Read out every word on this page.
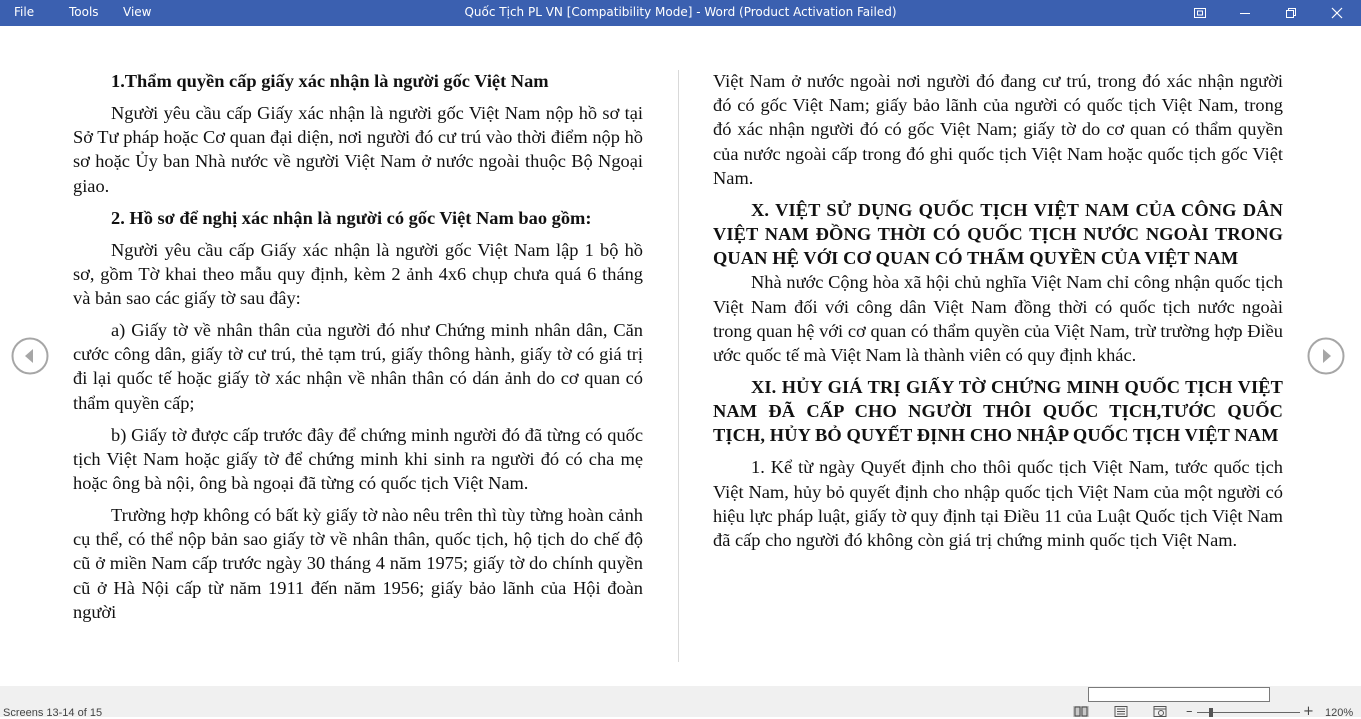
File	Tools View	Quốc Tịch PL VN [Compatibility Mode] - Word (Product Activation Failed)

1.Thẩm quyền cấp giấy xác nhận là người gốc Việt Nam

Người yêu cầu cấp Giấy xác nhận là người gốc Việt Nam nộp hồ sơ tại Sở Tư pháp hoặc Cơ quan đại diện, nơi người đó cư trú vào thời điểm nộp hồ sơ hoặc Ủy ban Nhà nước về người Việt Nam ở nước ngoài thuộc Bộ Ngoại giao.

2. Hồ sơ để nghị xác nhận là người có gốc Việt Nam bao gồm:

Người yêu cầu cấp Giấy xác nhận là người gốc Việt Nam lập 1 bộ hồ sơ, gồm Tờ khai theo mẫu quy định, kèm 2 ảnh 4x6 chụp chưa quá 6 tháng và bản sao các giấy tờ sau đây:

a) Giấy tờ về nhân thân của người đó như Chứng minh nhân dân, Căn cước công dân, giấy tờ cư trú, thẻ tạm trú, giấy thông hành, giấy tờ có giá trị đi lại quốc tế hoặc giấy tờ xác nhận về nhân thân có dán ảnh do cơ quan có thẩm quyền cấp;

b) Giấy tờ được cấp trước đây để chứng minh người đó đã từng có quốc tịch Việt Nam hoặc giấy tờ để chứng minh khi sinh ra người đó có cha mẹ hoặc ông bà nội, ông bà ngoại đã từng có quốc tịch Việt Nam.

Trường hợp không có bất kỳ giấy tờ nào nêu trên thì tùy từng hoàn cảnh cụ thể, có thể nộp bản sao giấy tờ về nhân thân, quốc tịch, hộ tịch do chế độ cũ ở miền Nam cấp trước ngày 30 tháng 4 năm 1975; giấy tờ do chính quyền cũ ở Hà Nội cấp từ năm 1911 đến năm 1956; giấy bảo lãnh của Hội đoàn người

Việt Nam ở nước ngoài nơi người đó đang cư trú, trong đó xác nhận người đó có gốc Việt Nam; giấy bảo lãnh của người có quốc tịch Việt Nam, trong đó xác nhận người đó có gốc Việt Nam; giấy tờ do cơ quan có thẩm quyền của nước ngoài cấp trong đó ghi quốc tịch Việt Nam hoặc quốc tịch gốc Việt Nam.

X. VIỆT SỬ DỤNG QUỐC TỊCH VIỆT NAM CỦA CÔNG DÂN VIỆT NAM ĐỒNG THỜI CÓ QUỐC TỊCH NƯỚC NGOÀI TRONG QUAN HỆ VỚI CƠ QUAN CÓ THẨM QUYỀN CỦA VIỆT NAM

Nhà nước Cộng hòa xã hội chủ nghĩa Việt Nam chỉ công nhận quốc tịch Việt Nam đối với công dân Việt Nam đồng thời có quốc tịch nước ngoài trong quan hệ với cơ quan có thẩm quyền của Việt Nam, trừ trường hợp Điều ước quốc tế mà Việt Nam là thành viên có quy định khác.

XI. HỦY GIÁ TRỊ GIẤY TỜ CHỨNG MINH QUỐC TỊCH VIỆT NAM ĐÃ CẤP CHO NGƯỜI THÔI QUỐC TỊCH,TƯỚC QUỐC TỊCH, HỦY BỎ QUYẾT ĐỊNH CHO NHẬP QUỐC TỊCH VIỆT NAM

1. Kể từ ngày Quyết định cho thôi quốc tịch Việt Nam, tước quốc tịch Việt Nam, hủy bỏ quyết định cho nhập quốc tịch Việt Nam của một người có hiệu lực pháp luật, giấy tờ quy định tại Điều 11 của Luật Quốc tịch Việt Nam đã cấp cho người đó không còn giá trị chứng minh quốc tịch Việt Nam.

Screens 13-14 of 15	–	+ 120%
